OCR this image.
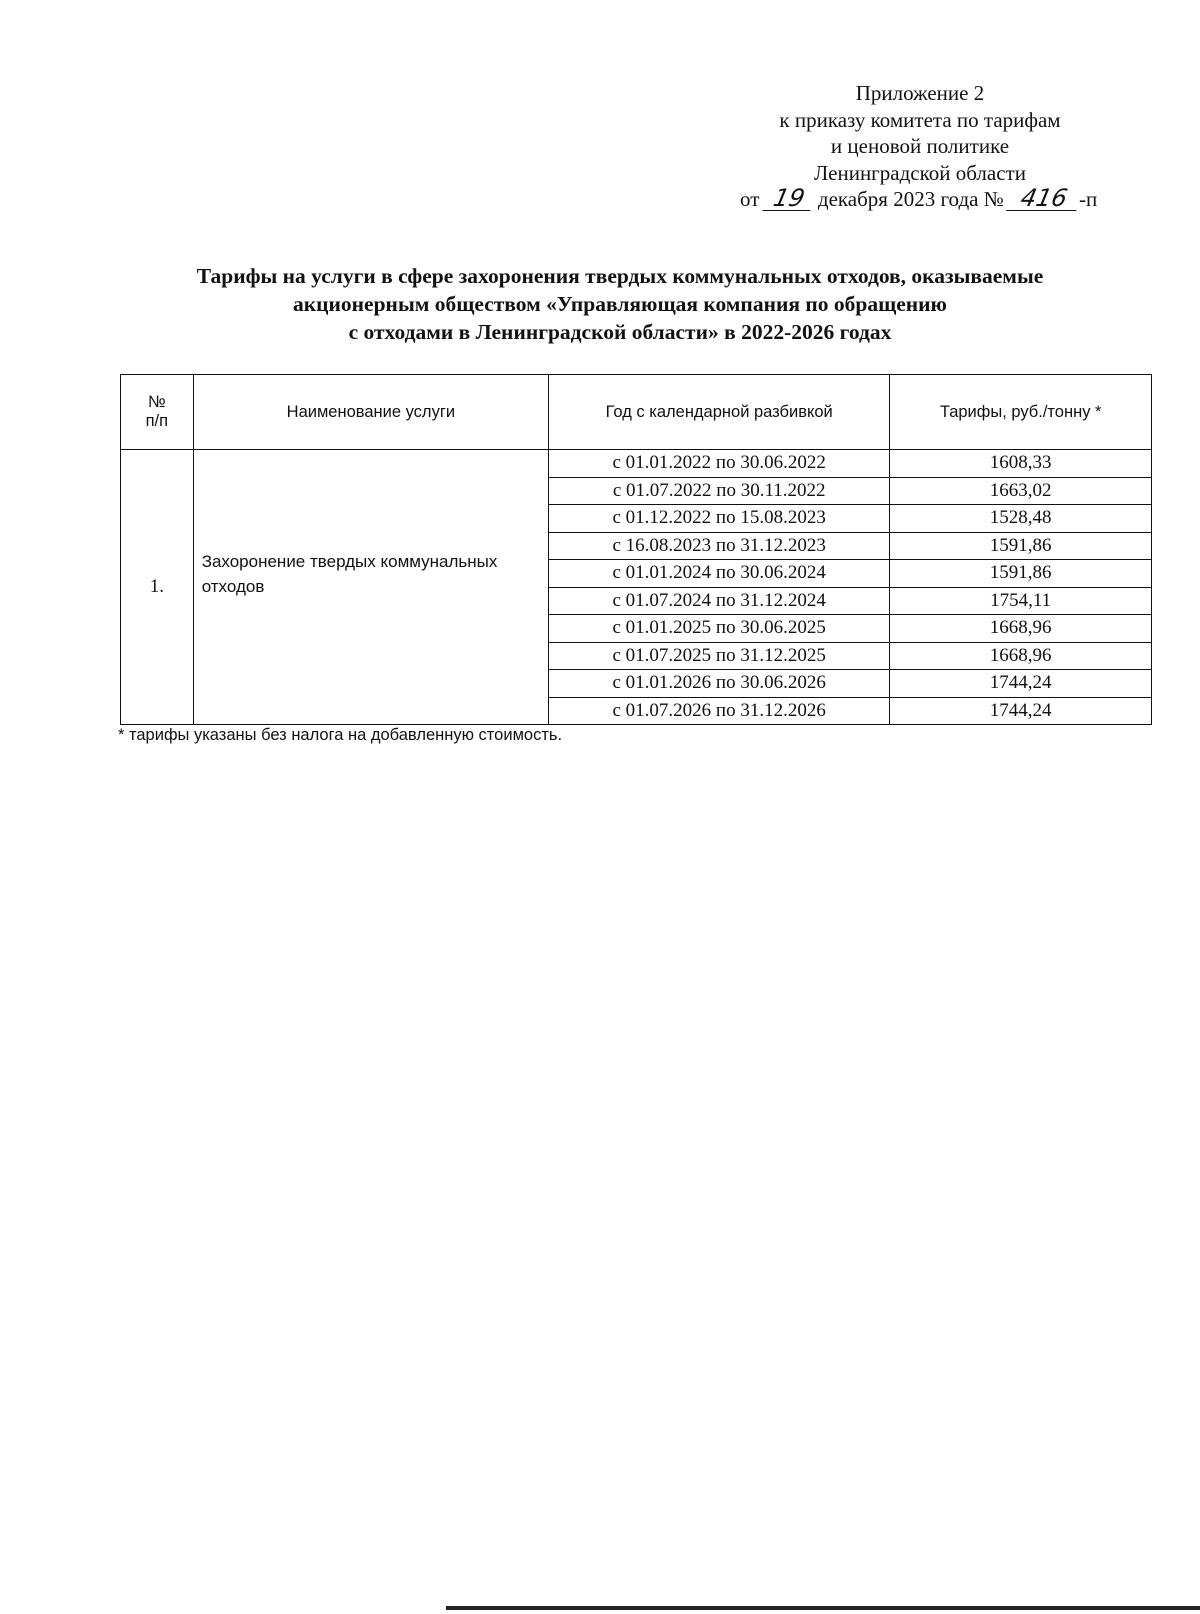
Приложение 2
к приказу комитета по тарифам
и ценовой политике
Ленинградской области
от 19 декабря 2023 года № 416 -п
Тарифы на услуги в сфере захоронения твердых коммунальных отходов, оказываемые
акционерным обществом «Управляющая компания по обращению
с отходами в Ленинградской области» в 2022-2026 годах
№
п/п	Наименование услуги	Год с календарной разбивкой	Тарифы, руб./тонну *
1.	Захоронение твердых коммунальных отходов	с 01.01.2022 по 30.06.2022	1608,33
		с 01.07.2022 по 30.11.2022	1663,02
		с 01.12.2022 по 15.08.2023	1528,48
		с 16.08.2023 по 31.12.2023	1591,86
		с 01.01.2024 по 30.06.2024	1591,86
		с 01.07.2024 по 31.12.2024	1754,11
		с 01.01.2025 по 30.06.2025	1668,96
		с 01.07.2025 по 31.12.2025	1668,96
		с 01.01.2026 по 30.06.2026	1744,24
		с 01.07.2026 по 31.12.2026	1744,24
* тарифы указаны без налога на добавленную стоимость.
